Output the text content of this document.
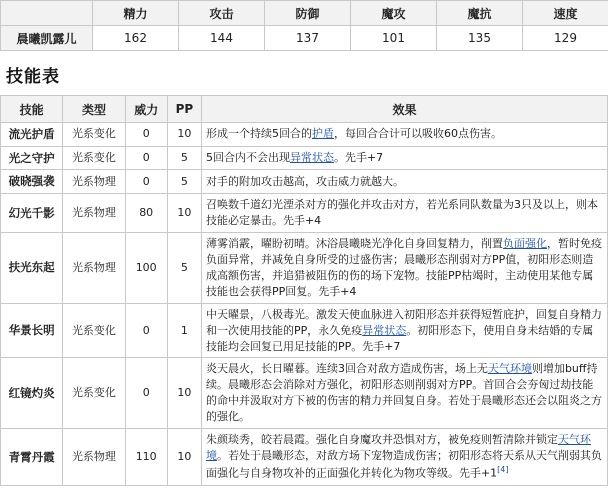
	精力	攻击	防御	魔攻	魔抗	速度
晨曦凯露儿	162	144	137	101	135	129
技能表
技能	类型	威力	PP	效果
流光护盾	光系变化	0	10	形成一个持续5回合的护盾，每回合合计可以吸收60点伤害。
光之守护	光系变化	0	5	5回合内不会出现异常状态。先手+7
破晓强袭	光系物理	0	5	对手的附加攻击越高，攻击威力就越大。
幻光千影	光系物理	80	10	召唤数千道幻光湮杀对方的强化并攻击对方，若光系同队数量为3只及以上，则本技能必定暴击。先手+4
扶光东起	光系物理	100	5	薄雾消霰，曜盼初晴。沐浴晨曦晓光净化自身回复精力，削置负面强化，暂时免疫负面异常，并减免自身所受的过盛伤害；晨曦形态削弱对方PP值，初阳形态则造成高额伤害，并追猎被阻伤的伤的场下宠物。技能PP枯竭时，主动使用某他专属技能也会获得PP回复。先手+4
华景长明	光系变化	0	1	中天曜景，八极毒光。激发天使血脉进入初阳形态并获得短暂庇护，回复自身精力和一次使用技能的PP，永久免疫异常状态。初阳形态下，使用自身未结婚的专属技能均会回复已用足技能的PP。先手+7
红镜灼炎	光系变化	0	10	炎天晨火，长日曜暮。连续3回合对敌方造成伤害，场上无天气环境则增加buff持续。晨曦形态会消除对方强化，初阳形态则削弱对方PP。首回合会夯匈过劫技能的命中并汲取对方下被的伤害的精力并回复自身。若处于晨曦形态还会以阻炎之方的强化。
青霄丹霞	光系物理	110	10	朱颜琰秀，皎若晨霞。强化自身魔攻并恐惧对方，被免疫则暂清除并锁定天气环境。若处于晨曦形态，对敌方场下宠物造成伤害；初阳形态将天系从天气削弱其负面强化与自身物攻补的正面强化并转化为物攻等级。先手+1[4]
